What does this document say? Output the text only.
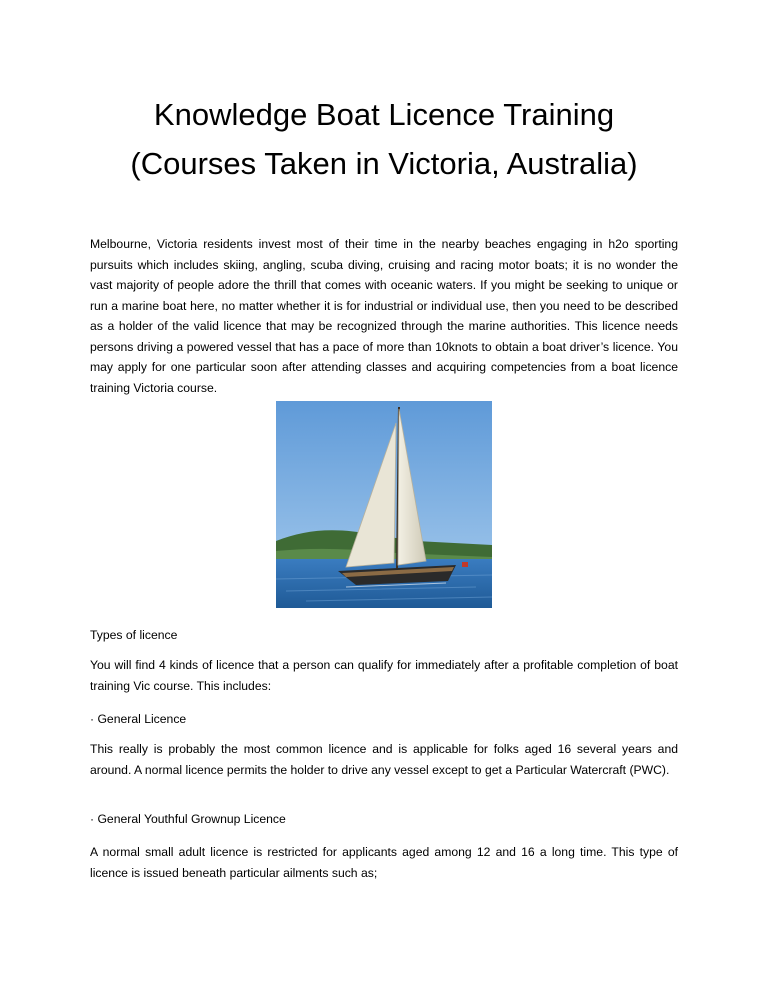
Knowledge Boat Licence Training
(Courses Taken in Victoria, Australia)

Melbourne, Victoria residents invest most of their time in the nearby beaches engaging in h2o sporting pursuits which includes skiing, angling, scuba diving, cruising and racing motor boats; it is no wonder the vast majority of people adore the thrill that comes with oceanic waters. If you might be seeking to unique or run a marine boat here, no matter whether it is for industrial or individual use, then you need to be described as a holder of the valid licence that may be recognized through the marine authorities. This licence needs persons driving a powered vessel that has a pace of more than 10knots to obtain a boat driver’s licence. You may apply for one particular soon after attending classes and acquiring competencies from a boat licence training Victoria course.

Types of licence

You will find 4 kinds of licence that a person can qualify for immediately after a profitable completion of boat training Vic course. This includes:

· General Licence

This really is probably the most common licence and is applicable for folks aged 16 several years and around. A normal licence permits the holder to drive any vessel except to get a Particular Watercraft (PWC).

· General Youthful Grownup Licence

A normal small adult licence is restricted for applicants aged among 12 and 16 a long time. This type of licence is issued beneath particular ailments such as;
